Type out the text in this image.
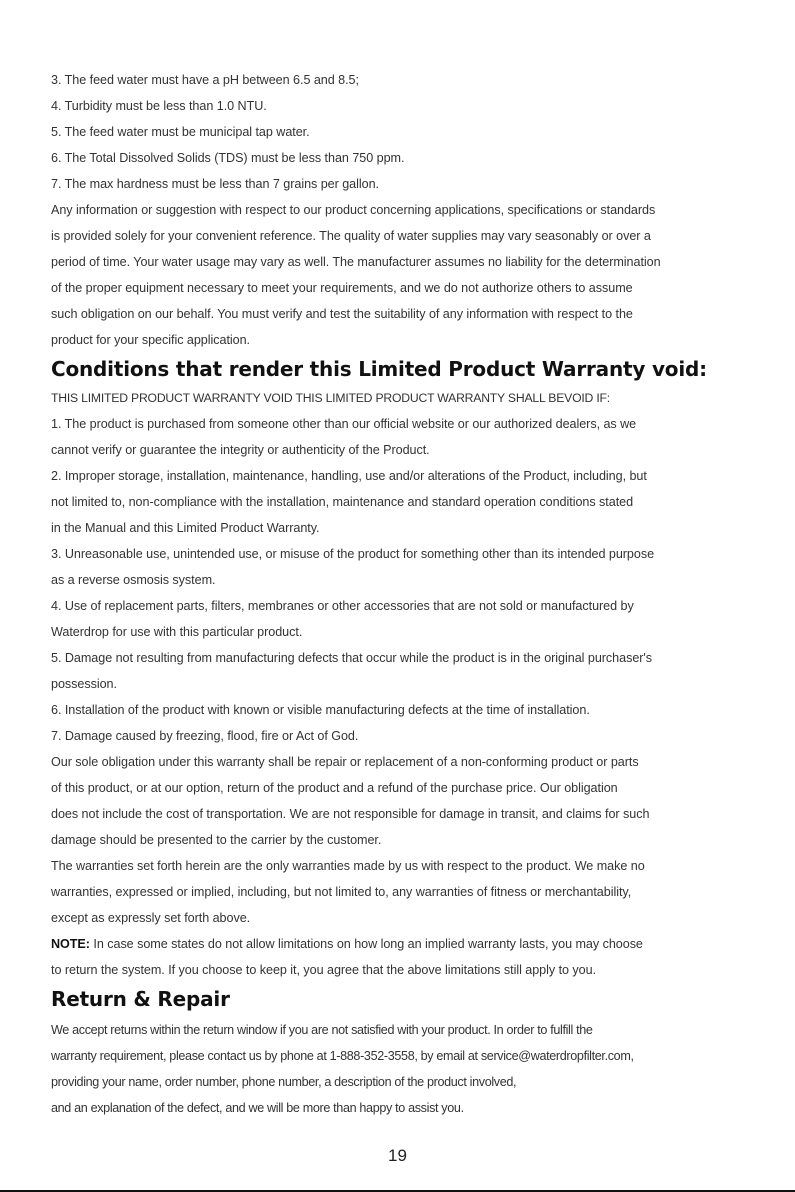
3. The feed water must have a pH between 6.5 and 8.5;
4. Turbidity must be less than 1.0 NTU.
5. The feed water must be municipal tap water.
6. The Total Dissolved Solids (TDS) must be less than 750 ppm.
7. The max hardness must be less than 7 grains per gallon.
Any information or suggestion with respect to our product concerning applications, specifications or standards
is provided solely for your convenient reference. The quality of water supplies may vary seasonably or over a
period of time. Your water usage may vary as well. The manufacturer assumes no liability for the determination
of the proper equipment necessary to meet your requirements, and we do not authorize others to assume
such obligation on our behalf. You must verify and test the suitability of any information with respect to the
product for your specific application.
Conditions that render this Limited Product Warranty void:
THIS LIMITED PRODUCT WARRANTY VOID THIS LIMITED PRODUCT WARRANTY SHALL BEVOID IF:
1. The product is purchased from someone other than our official website or our authorized dealers, as we
cannot verify or guarantee the integrity or authenticity of the Product.
2. Improper storage, installation, maintenance, handling, use and/or alterations of the Product, including, but
not limited to, non-compliance with the installation, maintenance and standard operation conditions stated
in the Manual and this Limited Product Warranty.
3. Unreasonable use, unintended use, or misuse of the product for something other than its intended purpose
as a reverse osmosis system.
4. Use of replacement parts, filters, membranes or other accessories that are not sold or manufactured by
Waterdrop for use with this particular product.
5. Damage not resulting from manufacturing defects that occur while the product is in the original purchaser's
possession.
6. Installation of the product with known or visible manufacturing defects at the time of installation.
7. Damage caused by freezing, flood, fire or Act of God.
Our sole obligation under this warranty shall be repair or replacement of a non-conforming product or parts
of this product, or at our option, return of the product and a refund of the purchase price. Our obligation
does not include the cost of transportation. We are not responsible for damage in transit, and claims for such
damage should be presented to the carrier by the customer.
The warranties set forth herein are the only warranties made by us with respect to the product. We make no
warranties, expressed or implied, including, but not limited to, any warranties of fitness or merchantability,
except as expressly set forth above.
NOTE: In case some states do not allow limitations on how long an implied warranty lasts, you may choose
to return the system. If you choose to keep it, you agree that the above limitations still apply to you.
Return & Repair
We accept returns within the return window if you are not satisfied with your product. In order to fulfill the
warranty requirement, please contact us by phone at 1-888-352-3558, by email at service@waterdropfilter.com,
providing your name, order number, phone number, a description of the product involved,
and an explanation of the defect, and we will be more than happy to assist you.
19
